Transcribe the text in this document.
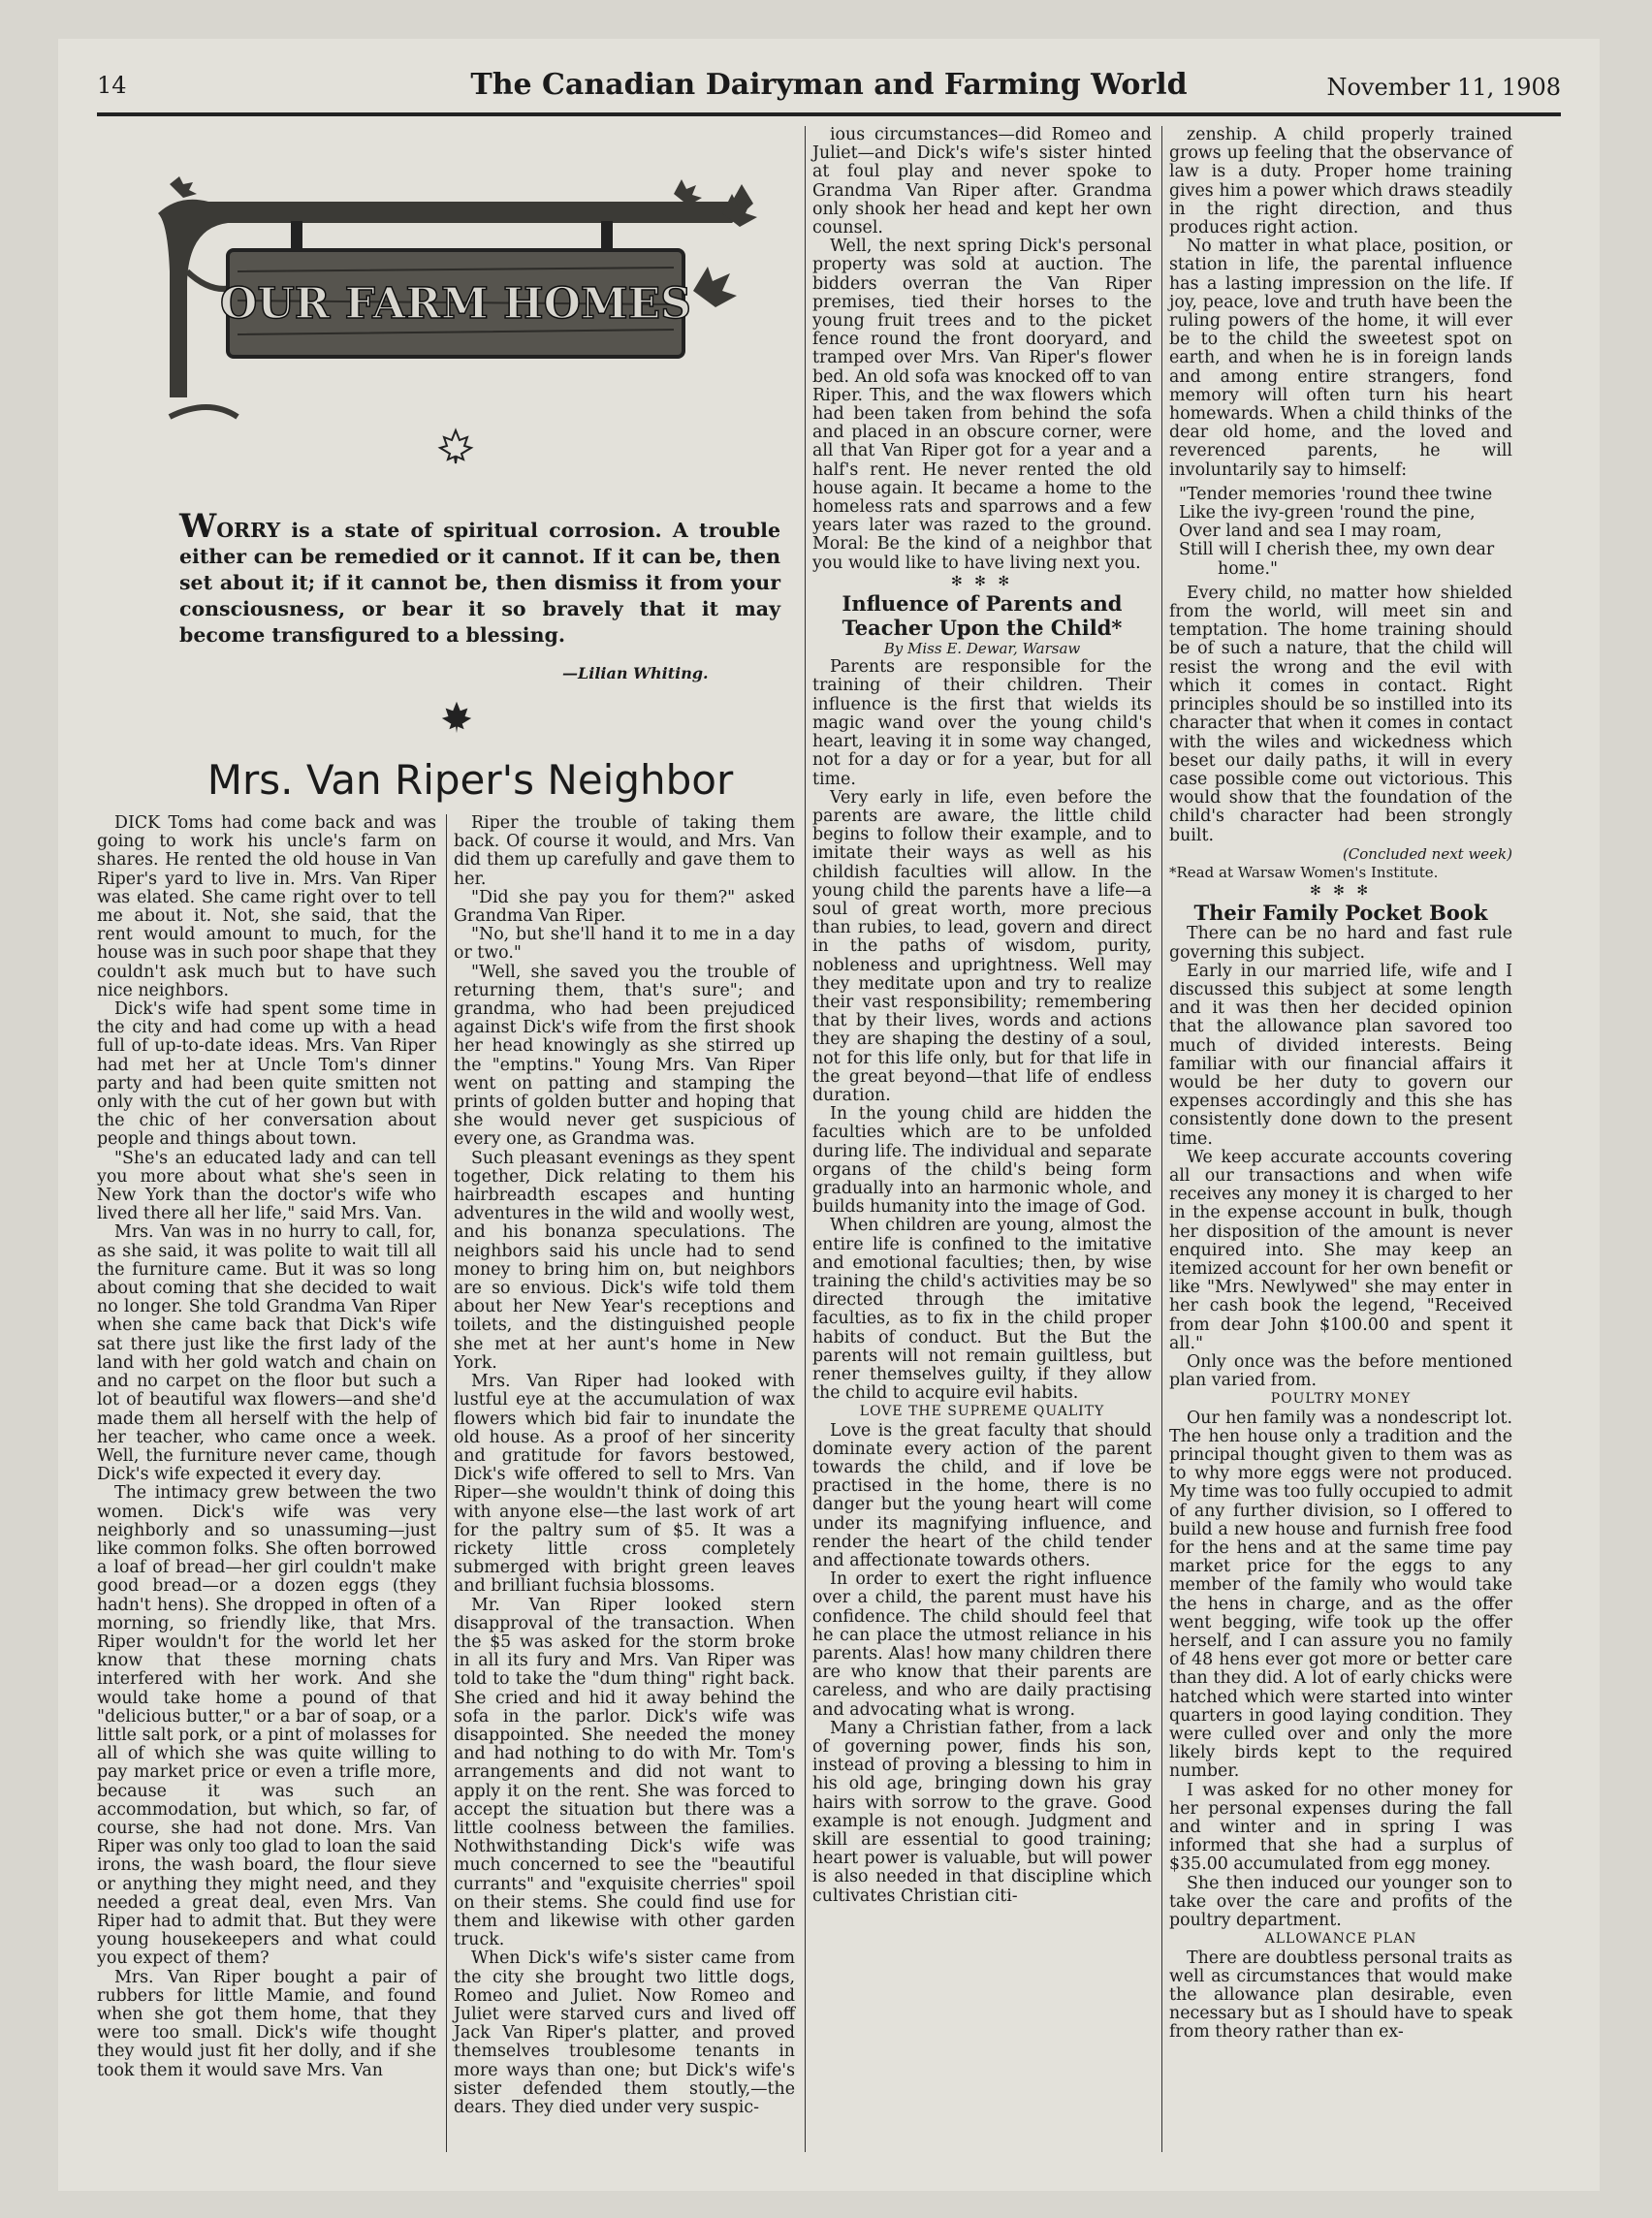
14	The Canadian Dairyman and Farming World	November 11, 1908
OUR FARM HOMES
WORRY is a state of spiritual corrosion. A trouble either can be remedied or it cannot. If it can be, then set about it; if it cannot be, then dismiss it from your consciousness, or bear it so bravely that it may become transfigured to a blessing.
—Lilian Whiting.
Mrs. Van Riper's Neighbor

DICK Toms had come back and was going to work his uncle's farm on shares. He rented the old house in Van Riper's yard to live in. Mrs. Van Riper was elated. She came right over to tell me about it. Not, she said, that the rent would amount to much, for the house was in such poor shape that they couldn't ask much but to have such nice neighbors.

Dick's wife had spent some time in the city and had come up with a head full of up-to-date ideas. Mrs. Van Riper had met her at Uncle Tom's dinner party and had been quite smitten not only with the cut of her gown but with the chic of her conversation about people and things about town.

"She's an educated lady and can tell you more about what she's seen in New York than the doctor's wife who lived there all her life," said Mrs. Van.

Mrs. Van was in no hurry to call, for, as she said, it was polite to wait till all the furniture came. But it was so long about coming that she decided to wait no longer. She told Grandma Van Riper when she came back that Dick's wife sat there just like the first lady of the land with her gold watch and chain on and no carpet on the floor but such a lot of beautiful wax flowers—and she'd made them all herself with the help of her teacher, who came once a week. Well, the furniture never came, though Dick's wife expected it every day.

The intimacy grew between the two women. Dick's wife was very neighborly and so unassuming—just like common folks. She often borrowed a loaf of bread—her girl couldn't make good bread—or a dozen eggs (they hadn't hens). She dropped in often of a morning, so friendly like, that Mrs. Riper wouldn't for the world let her know that these morning chats interfered with her work. And she would take home a pound of that "delicious butter," or a bar of soap, or a little salt pork, or a pint of molasses for all of which she was quite willing to pay market price or even a trifle more, because it was such an accommodation, but which, so far, of course, she had not done. Mrs. Van Riper was only too glad to loan the said irons, the wash board, the flour sieve or anything they might need, and they needed a great deal, even Mrs. Van Riper had to admit that. But they were young housekeepers and what could you expect of them?

Mrs. Van Riper bought a pair of rubbers for little Mamie, and found when she got them home, that they were too small. Dick's wife thought they would just fit her dolly, and if she took them it would save Mrs. Van

Riper the trouble of taking them back. Of course it would, and Mrs. Van did them up carefully and gave them to her.

"Did she pay you for them?" asked Grandma Van Riper.

"No, but she'll hand it to me in a day or two."

"Well, she saved you the trouble of returning them, that's sure"; and grandma, who had been prejudiced against Dick's wife from the first shook her head knowingly as she stirred up the "emptins." Young Mrs. Van Riper went on patting and stamping the prints of golden butter and hoping that she would never get suspicious of every one, as Grandma was.

Such pleasant evenings as they spent together, Dick relating to them his hairbreadth escapes and hunting adventures in the wild and woolly west, and his bonanza speculations. The neighbors said his uncle had to send money to bring him on, but neighbors are so envious. Dick's wife told them about her New Year's receptions and toilets, and the distinguished people she met at her aunt's home in New York.

Mrs. Van Riper had looked with lustful eye at the accumulation of wax flowers which bid fair to inundate the old house. As a proof of her sincerity and gratitude for favors bestowed, Dick's wife offered to sell to Mrs. Van Riper—she wouldn't think of doing this with anyone else—the last work of art for the paltry sum of $5. It was a rickety little cross completely submerged with bright green leaves and brilliant fuchsia blossoms.

Mr. Van Riper looked stern disapproval of the transaction. When the $5 was asked for the storm broke in all its fury and Mrs. Van Riper was told to take the "dum thing" right back. She cried and hid it away behind the sofa in the parlor. Dick's wife was disappointed. She needed the money and had nothing to do with Mr. Tom's arrangements and did not want to apply it on the rent. She was forced to accept the situation but there was a little coolness between the families. Nothwithstanding Dick's wife was much concerned to see the "beautiful currants" and "exquisite cherries" spoil on their stems. She could find use for them and likewise with other garden truck.

When Dick's wife's sister came from the city she brought two little dogs, Romeo and Juliet. Now Romeo and Juliet were starved curs and lived off Jack Van Riper's platter, and proved themselves troublesome tenants in more ways than one; but Dick's wife's sister defended them stoutly,—the dears. They died under very suspic-

ious circumstances—did Romeo and Juliet—and Dick's wife's sister hinted at foul play and never spoke to Grandma Van Riper after. Grandma only shook her head and kept her own counsel.

Well, the next spring Dick's personal property was sold at auction. The bidders overran the Van Riper premises, tied their horses to the young fruit trees and to the picket fence round the front dooryard, and tramped over Mrs. Van Riper's flower bed. An old sofa was knocked off to van Riper. This, and the wax flowers which had been taken from behind the sofa and placed in an obscure corner, were all that Van Riper got for a year and a half's rent. He never rented the old house again. It became a home to the homeless rats and sparrows and a few years later was razed to the ground. Moral: Be the kind of a neighbor that you would like to have living next you.

✻ ✻ ✻

Influence of Parents and Teacher Upon the Child*

By Miss E. Dewar, Warsaw

Parents are responsible for the training of their children. Their influence is the first that wields its magic wand over the young child's heart, leaving it in some way changed, not for a day or for a year, but for all time.

Very early in life, even before the parents are aware, the little child begins to follow their example, and to imitate their ways as well as his childish faculties will allow. In the young child the parents have a life—a soul of great worth, more precious than rubies, to lead, govern and direct in the paths of wisdom, purity, nobleness and uprightness. Well may they meditate upon and try to realize their vast responsibility; remembering that by their lives, words and actions they are shaping the destiny of a soul, not for this life only, but for that life in the great beyond—that life of endless duration.

In the young child are hidden the faculties which are to be unfolded during life. The individual and separate organs of the child's being form gradually into an harmonic whole, and builds humanity into the image of God.

When children are young, almost the entire life is confined to the imitative and emotional faculties; then, by wise training the child's activities may be so directed through the imitative faculties, as to fix in the child proper habits of conduct. But the But the parents will not remain guiltless, but rener themselves guilty, if they allow the child to acquire evil habits.

LOVE THE SUPREME QUALITY

Love is the great faculty that should dominate every action of the parent towards the child, and if love be practised in the home, there is no danger but the young heart will come under its magnifying influence, and render the heart of the child tender and affectionate towards others.

In order to exert the right influence over a child, the parent must have his confidence. The child should feel that he can place the utmost reliance in his parents. Alas! how many children there are who know that their parents are careless, and who are daily practising and advocating what is wrong.

Many a Christian father, from a lack of governing power, finds his son, instead of proving a blessing to him in his old age, bringing down his gray hairs with sorrow to the grave. Good example is not enough. Judgment and skill are essential to good training; heart power is valuable, but will power is also needed in that discipline which cultivates Christian citi-

zenship. A child properly trained grows up feeling that the observance of law is a duty. Proper home training gives him a power which draws steadily in the right direction, and thus produces right action.

No matter in what place, position, or station in life, the parental influence has a lasting impression on the life. If joy, peace, love and truth have been the ruling powers of the home, it will ever be to the child the sweetest spot on earth, and when he is in foreign lands and among entire strangers, fond memory will often turn his heart homewards. When a child thinks of the dear old home, and the loved and reverenced parents, he will involuntarily say to himself:

"Tender memories 'round thee twine
Like the ivy-green 'round the pine,
Over land and sea I may roam,
Still will I cherish thee, my own dear
home."

Every child, no matter how shielded from the world, will meet sin and temptation. The home training should be of such a nature, that the child will resist the wrong and the evil with which it comes in contact. Right principles should be so instilled into its character that when it comes in contact with the wiles and wickedness which beset our daily paths, it will in every case possible come out victorious. This would show that the foundation of the child's character had been strongly built.

(Concluded next week)

*Read at Warsaw Women's Institute.

✻ ✻ ✻

Their Family Pocket Book

There can be no hard and fast rule governing this subject.

Early in our married life, wife and I discussed this subject at some length and it was then her decided opinion that the allowance plan savored too much of divided interests. Being familiar with our financial affairs it would be her duty to govern our expenses accordingly and this she has consistently done down to the present time.

We keep accurate accounts covering all our transactions and when wife receives any money it is charged to her in the expense account in bulk, though her disposition of the amount is never enquired into. She may keep an itemized account for her own benefit or like "Mrs. Newlywed" she may enter in her cash book the legend, "Received from dear John $100.00 and spent it all."

Only once was the before mentioned plan varied from.

POULTRY MONEY

Our hen family was a nondescript lot. The hen house only a tradition and the principal thought given to them was as to why more eggs were not produced. My time was too fully occupied to admit of any further division, so I offered to build a new house and furnish free food for the hens and at the same time pay market price for the eggs to any member of the family who would take the hens in charge, and as the offer went begging, wife took up the offer herself, and I can assure you no family of 48 hens ever got more or better care than they did. A lot of early chicks were hatched which were started into winter quarters in good laying condition. They were culled over and only the more likely birds kept to the required number.

I was asked for no other money for her personal expenses during the fall and winter and in spring I was informed that she had a surplus of $35.00 accumulated from egg money.

She then induced our younger son to take over the care and profits of the poultry department.

ALLOWANCE PLAN

There are doubtless personal traits as well as circumstances that would make the allowance plan desirable, even necessary but as I should have to speak from theory rather than ex-
